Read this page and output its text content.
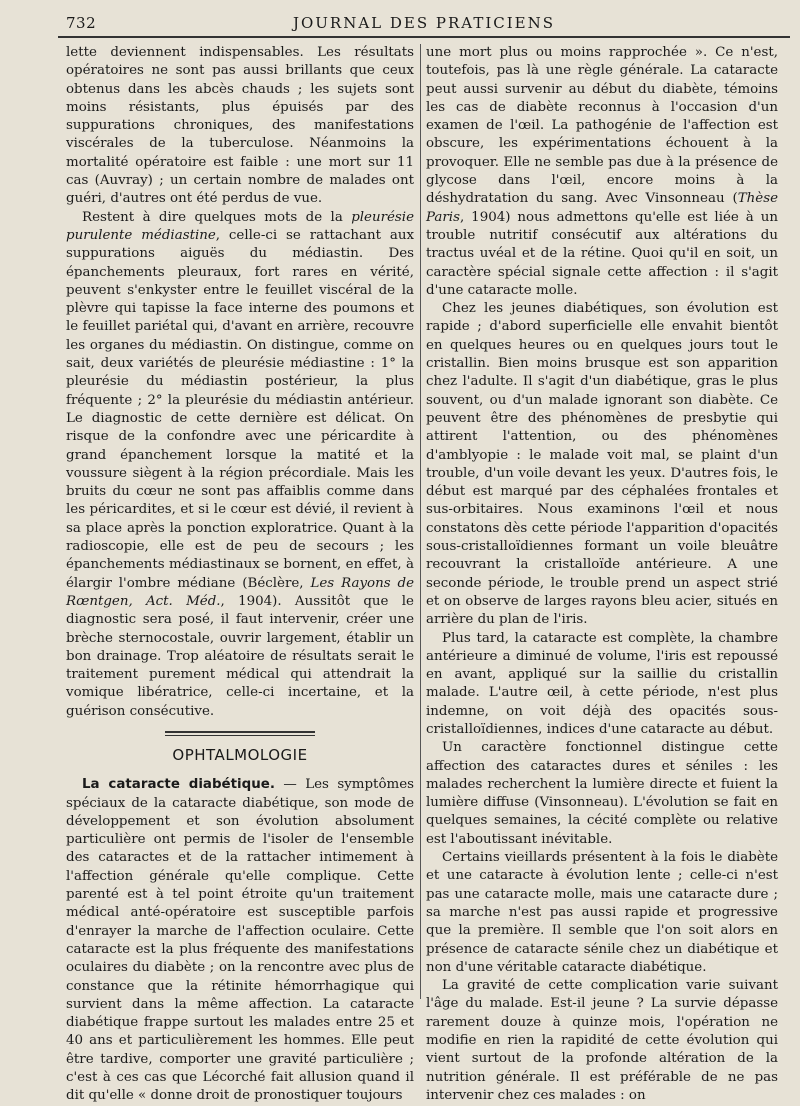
732	JOURNAL DES PRATICIENS

lette deviennent indispensables. Les résultats opératoires ne sont pas aussi brillants que ceux obtenus dans les abcès chauds ; les sujets sont moins résistants, plus épuisés par des suppurations chroniques, des manifestations viscérales de la tuberculose. Néanmoins la mortalité opératoire est faible : une mort sur 11 cas (Auvray) ; un certain nombre de malades ont guéri, d'autres ont été perdus de vue.

Restent à dire quelques mots de la pleurésie purulente médiastine, celle-ci se rattachant aux suppurations aiguës du médiastin. Des épanchements pleuraux, fort rares en vérité, peuvent s'enkyster entre le feuillet viscéral de la plèvre qui tapisse la face interne des poumons et le feuillet pariétal qui, d'avant en arrière, recouvre les organes du médiastin. On distingue, comme on sait, deux variétés de pleurésie médiastine : 1° la pleurésie du médiastin postérieur, la plus fréquente ; 2° la pleurésie du médiastin antérieur. Le diagnostic de cette dernière est délicat. On risque de la confondre avec une péricardite à grand épanchement lorsque la matité et la voussure siègent à la région précordiale. Mais les bruits du cœur ne sont pas affaiblis comme dans les péricardites, et si le cœur est dévié, il revient à sa place après la ponction exploratrice. Quant à la radioscopie, elle est de peu de secours ; les épanchements médiastinaux se bornent, en effet, à élargir l'ombre médiane (Béclère, Les Rayons de Rœntgen, Act. Méd., 1904). Aussitôt que le diagnostic sera posé, il faut intervenir, créer une brèche sternocostale, ouvrir largement, établir un bon drainage. Trop aléatoire de résultats serait le traitement purement médical qui attendrait la vomique libératrice, celle-ci incertaine, et la guérison consécutive.

OPHTALMOLOGIE

La cataracte diabétique. — Les symptômes spéciaux de la cataracte diabétique, son mode de développement et son évolution absolument particulière ont permis de l'isoler de l'ensemble des cataractes et de la rattacher intimement à l'affection générale qu'elle complique. Cette parenté est à tel point étroite qu'un traitement médical anté-opératoire est susceptible parfois d'enrayer la marche de l'affection oculaire. Cette cataracte est la plus fréquente des manifestations oculaires du diabète ; on la rencontre avec plus de constance que la rétinite hémorrhagique qui survient dans la même affection. La cataracte diabétique frappe surtout les malades entre 25 et 40 ans et particulièrement les hommes. Elle peut être tardive, comporter une gravité particulière ; c'est à ces cas que Lécorché fait allusion quand il dit qu'elle « donne droit de pronostiquer toujours

une mort plus ou moins rapprochée ». Ce n'est, toutefois, pas là une règle générale. La cataracte peut aussi survenir au début du diabète, témoins les cas de diabète reconnus à l'occasion d'un examen de l'œil. La pathogénie de l'affection est obscure, les expérimentations échouent à la provoquer. Elle ne semble pas due à la présence de glycose dans l'œil, encore moins à la déshydratation du sang. Avec Vinsonneau (Thèse Paris, 1904) nous admettons qu'elle est liée à un trouble nutritif consécutif aux altérations du tractus uvéal et de la rétine. Quoi qu'il en soit, un caractère spécial signale cette affection : il s'agit d'une cataracte molle.

Chez les jeunes diabétiques, son évolution est rapide ; d'abord superficielle elle envahit bientôt en quelques heures ou en quelques jours tout le cristallin. Bien moins brusque est son apparition chez l'adulte. Il s'agit d'un diabétique, gras le plus souvent, ou d'un malade ignorant son diabète. Ce peuvent être des phénomènes de presbytie qui attirent l'attention, ou des phénomènes d'amblyopie : le malade voit mal, se plaint d'un trouble, d'un voile devant les yeux. D'autres fois, le début est marqué par des céphalées frontales et sus-orbitaires. Nous examinons l'œil et nous constatons dès cette période l'apparition d'opacités sous-cristalloïdiennes formant un voile bleuâtre recouvrant la cristalloïde antérieure. A une seconde période, le trouble prend un aspect strié et on observe de larges rayons bleu acier, situés en arrière du plan de l'iris.

Plus tard, la cataracte est complète, la chambre antérieure a diminué de volume, l'iris est repoussé en avant, appliqué sur la saillie du cristallin malade. L'autre œil, à cette période, n'est plus indemne, on voit déjà des opacités sous-cristalloïdiennes, indices d'une cataracte au début.

Un caractère fonctionnel distingue cette affection des cataractes dures et séniles : les malades recherchent la lumière directe et fuient la lumière diffuse (Vinsonneau). L'évolution se fait en quelques semaines, la cécité complète ou relative est l'aboutissant inévitable.

Certains vieillards présentent à la fois le diabète et une cataracte à évolution lente ; celle-ci n'est pas une cataracte molle, mais une cataracte dure ; sa marche n'est pas aussi rapide et progressive que la première. Il semble que l'on soit alors en présence de cataracte sénile chez un diabétique et non d'une véritable cataracte diabétique.

La gravité de cette complication varie suivant l'âge du malade. Est-il jeune ? La survie dépasse rarement douze à quinze mois, l'opération ne modifie en rien la rapidité de cette évolution qui vient surtout de la profonde altération de la nutrition générale. Il est préférable de ne pas intervenir chez ces malades : on
